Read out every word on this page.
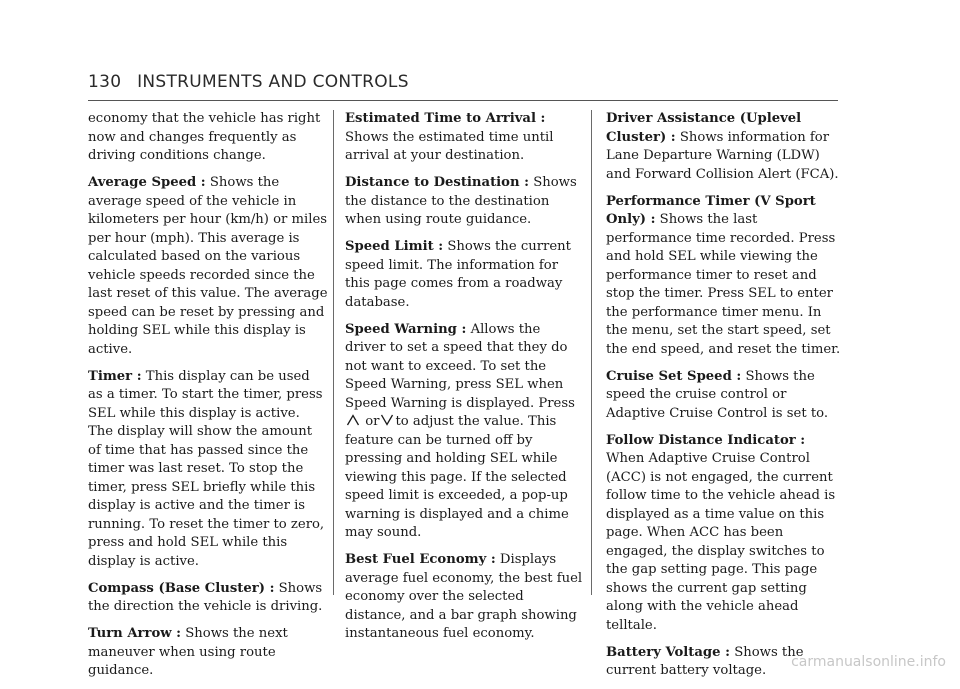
130 INSTRUMENTS AND CONTROLS

economy that the vehicle has right now and changes frequently as driving conditions change.

Average Speed : Shows the average speed of the vehicle in kilometers per hour (km/h) or miles per hour (mph). This average is calculated based on the various vehicle speeds recorded since the last reset of this value. The average speed can be reset by pressing and holding SEL while this display is active.

Timer : This display can be used as a timer. To start the timer, press SEL while this display is active. The display will show the amount of time that has passed since the timer was last reset. To stop the timer, press SEL briefly while this display is active and the timer is running. To reset the timer to zero, press and hold SEL while this display is active.

Compass (Base Cluster) : Shows the direction the vehicle is driving.

Turn Arrow : Shows the next maneuver when using route guidance.

Estimated Time to Arrival : Shows the estimated time until arrival at your destination.

Distance to Destination : Shows the distance to the destination when using route guidance.

Speed Limit : Shows the current speed limit. The information for this page comes from a roadway database.

Speed Warning : Allows the driver to set a speed that they do not want to exceed. To set the Speed Warning, press SEL when Speed Warning is displayed. Press
or to adjust the value. This feature can be turned off by pressing and holding SEL while viewing this page. If the selected speed limit is exceeded, a pop-up warning is displayed and a chime may sound.

Best Fuel Economy : Displays average fuel economy, the best fuel economy over the selected distance, and a bar graph showing instantaneous fuel economy.

Driver Assistance (Uplevel Cluster) : Shows information for Lane Departure Warning (LDW) and Forward Collision Alert (FCA).

Performance Timer (V Sport Only) : Shows the last performance time recorded. Press and hold SEL while viewing the performance timer to reset and stop the timer. Press SEL to enter the performance timer menu. In the menu, set the start speed, set the end speed, and reset the timer.

Cruise Set Speed : Shows the speed the cruise control or Adaptive Cruise Control is set to.

Follow Distance Indicator : When Adaptive Cruise Control (ACC) is not engaged, the current follow time to the vehicle ahead is displayed as a time value on this page. When ACC has been engaged, the display switches to the gap setting page. This page shows the current gap setting along with the vehicle ahead telltale.

Battery Voltage : Shows the current battery voltage.

carmanualsonline.info
